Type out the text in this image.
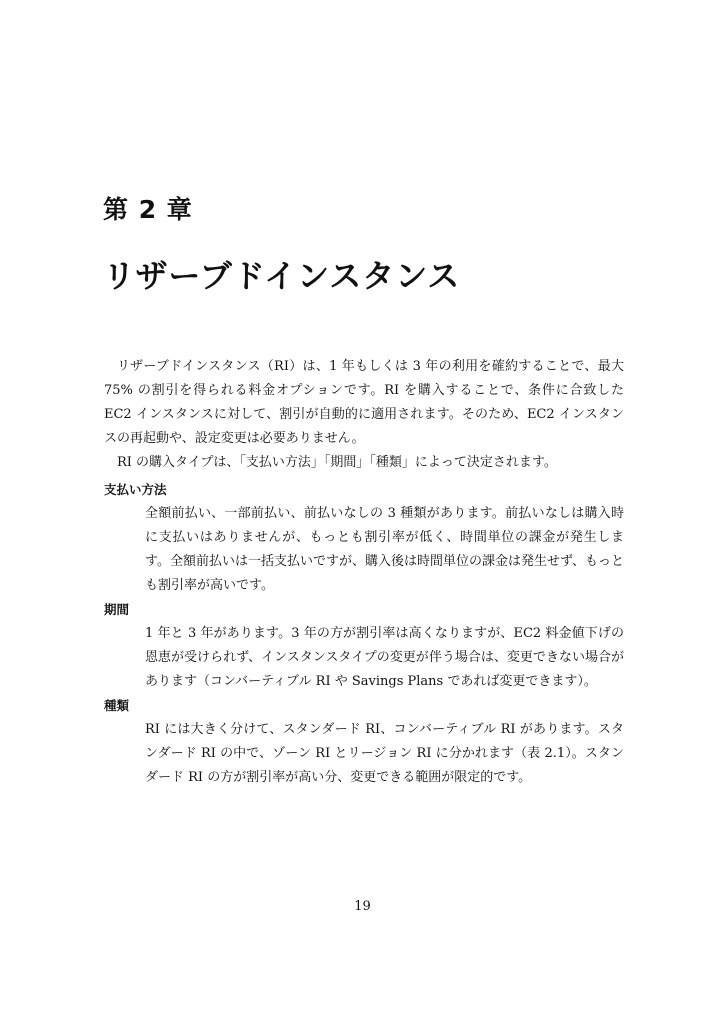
第 2 章
リザーブドインスタンス

リザーブドインスタンス（RI）は、1 年もしくは 3 年の利用を確約することで、最大 75% の割引を得られる料金オプションです。RI を購入することで、条件に合致した EC2 インスタンスに対して、割引が自動的に適用されます。そのため、EC2 インスタンスの再起動や、設定変更は必要ありません。

RI の購入タイプは、「支払い方法」「期間」「種類」によって決定されます。

支払い方法
全額前払い、一部前払い、前払いなしの 3 種類があります。前払いなしは購入時に支払いはありませんが、もっとも割引率が低く、時間単位の課金が発生します。全額前払いは一括支払いですが、購入後は時間単位の課金は発生せず、もっとも割引率が高いです。
期間
1 年と 3 年があります。3 年の方が割引率は高くなりますが、EC2 料金値下げの恩恵が受けられず、インスタンスタイプの変更が伴う場合は、変更できない場合があります（コンバーティブル RI や Savings Plans であれば変更できます）。
種類
RI には大きく分けて、スタンダード RI、コンバーティブル RI があります。スタンダード RI の中で、ゾーン RI とリージョン RI に分かれます（表 2.1）。スタンダード RI の方が割引率が高い分、変更できる範囲が限定的です。
19
